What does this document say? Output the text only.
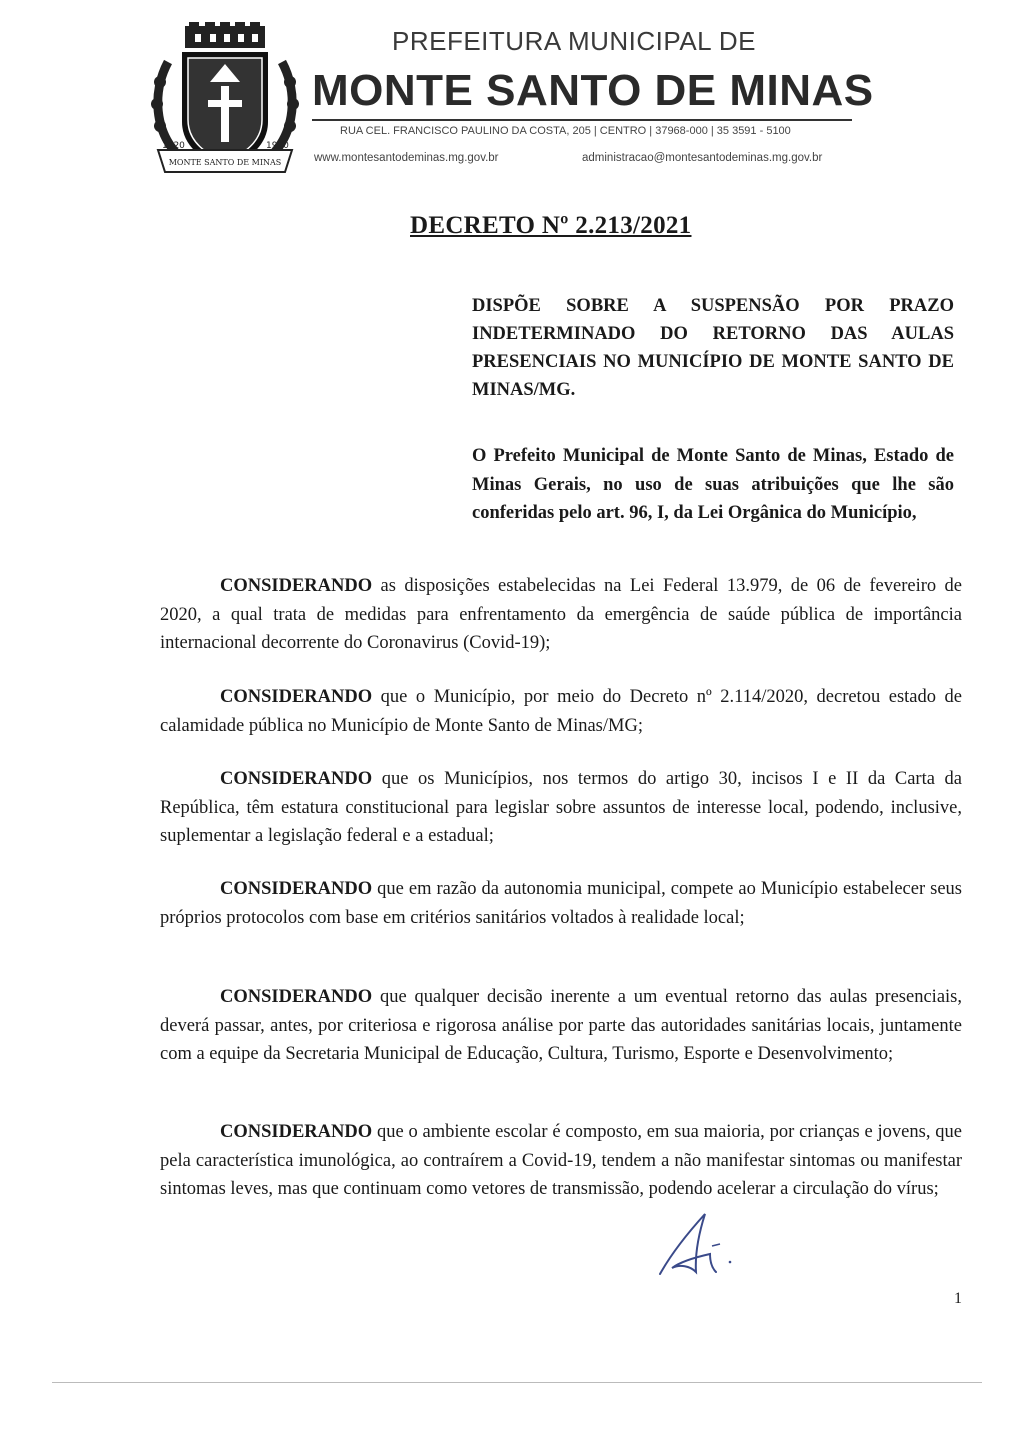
1920	1920
MONTE SANTO DE MINAS
PREFEITURA MUNICIPAL DE
MONTE SANTO DE MINAS
RUA CEL. FRANCISCO PAULINO DA COSTA, 205 | CENTRO | 37968-000 | 35 3591 - 5100
www.montesantodeminas.mg.gov.br	administracao@montesantodeminas.mg.gov.br
DECRETO Nº 2.213/2021

DISPÕE SOBRE A SUSPENSÃO POR PRAZO INDETERMINADO DO RETORNO DAS AULAS PRESENCIAIS NO MUNICÍPIO DE MONTE SANTO DE MINAS/MG.

O Prefeito Municipal de Monte Santo de Minas, Estado de Minas Gerais, no uso de suas atribuições que lhe são conferidas pelo art. 96, I, da Lei Orgânica do Município,

CONSIDERANDO as disposições estabelecidas na Lei Federal 13.979, de 06 de fevereiro de 2020, a qual trata de medidas para enfrentamento da emergência de saúde pública de importância internacional decorrente do Coronavirus (Covid-19);

CONSIDERANDO que o Município, por meio do Decreto nº 2.114/2020, decretou estado de calamidade pública no Município de Monte Santo de Minas/MG;

CONSIDERANDO que os Municípios, nos termos do artigo 30, incisos I e II da Carta da República, têm estatura constitucional para legislar sobre assuntos de interesse local, podendo, inclusive, suplementar a legislação federal e a estadual;

CONSIDERANDO que em razão da autonomia municipal, compete ao Município estabelecer seus próprios protocolos com base em critérios sanitários voltados à realidade local;

CONSIDERANDO que qualquer decisão inerente a um eventual retorno das aulas presenciais, deverá passar, antes, por criteriosa e rigorosa análise por parte das autoridades sanitárias locais, juntamente com a equipe da Secretaria Municipal de Educação, Cultura, Turismo, Esporte e Desenvolvimento;

CONSIDERANDO que o ambiente escolar é composto, em sua maioria, por crianças e jovens, que pela característica imunológica, ao contraírem a Covid-19, tendem a não manifestar sintomas ou manifestar sintomas leves, mas que continuam como vetores de transmissão, podendo acelerar a circulação do vírus;

1
